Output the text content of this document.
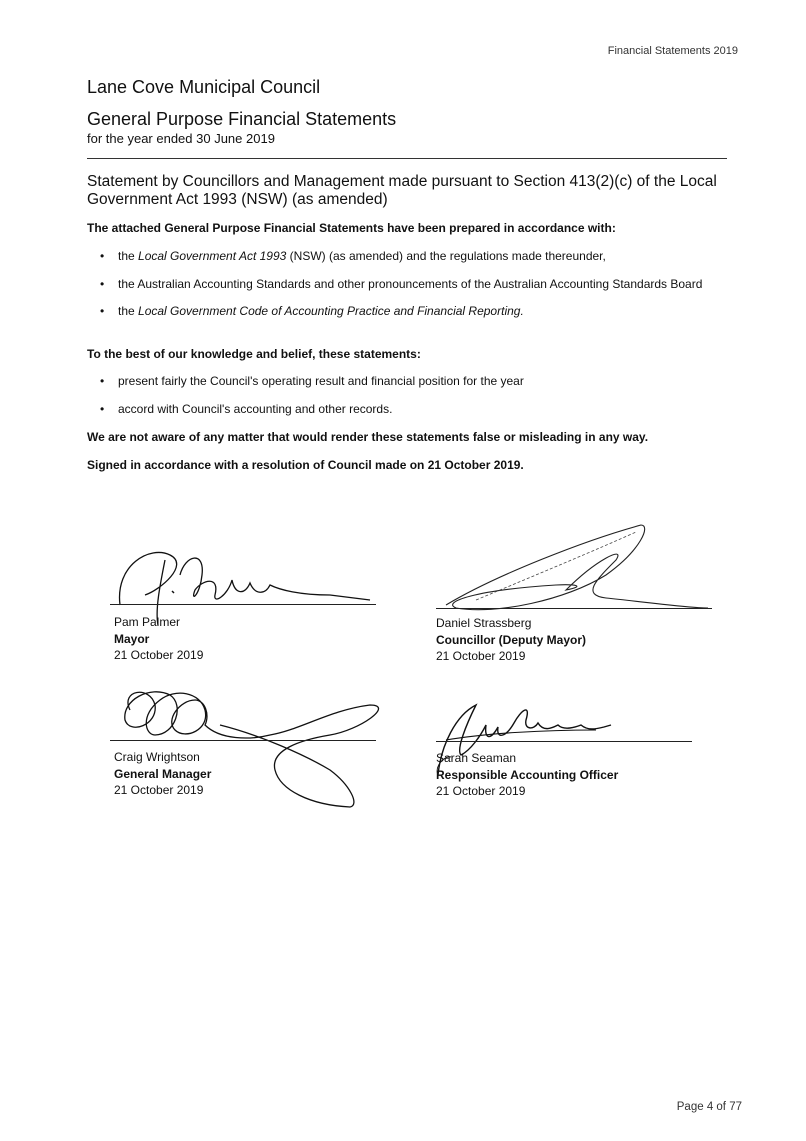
Financial Statements 2019
Lane Cove Municipal Council
General Purpose Financial Statements
for the year ended 30 June 2019
Statement by Councillors and Management made pursuant to Section 413(2)(c) of the Local Government Act 1993 (NSW) (as amended)
The attached General Purpose Financial Statements have been prepared in accordance with:
• the Local Government Act 1993 (NSW) (as amended) and the regulations made thereunder,
• the Australian Accounting Standards and other pronouncements of the Australian Accounting Standards Board
• the Local Government Code of Accounting Practice and Financial Reporting.
To the best of our knowledge and belief, these statements:
• present fairly the Council's operating result and financial position for the year
• accord with Council's accounting and other records.
We are not aware of any matter that would render these statements false or misleading in any way.
Signed in accordance with a resolution of Council made on 21 October 2019.
Pam Palmer
Mayor
21 October 2019
Daniel Strassberg
Councillor (Deputy Mayor)
21 October 2019
Craig Wrightson
General Manager
21 October 2019
Sarah Seaman
Responsible Accounting Officer
21 October 2019
Page 4 of 77
